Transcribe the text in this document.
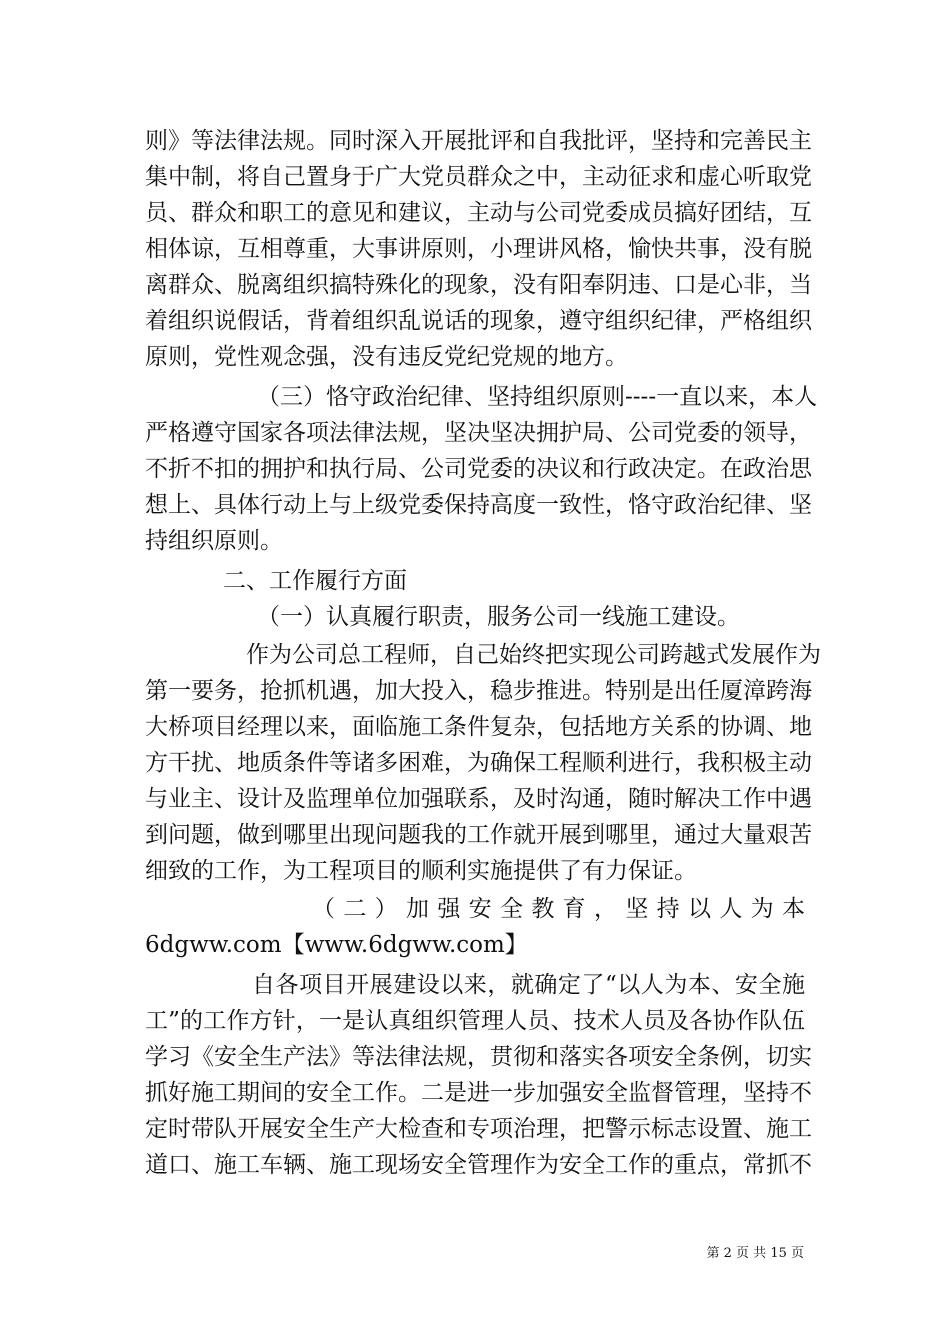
则》等法律法规。同时深入开展批评和自我批评，坚持和完善民主
集中制，将自己置身于广大党员群众之中，主动征求和虚心听取党
员、群众和职工的意见和建议，主动与公司党委成员搞好团结，互
相体谅，互相尊重，大事讲原则，小理讲风格，愉快共事，没有脱
离群众、脱离组织搞特殊化的现象，没有阳奉阴违、口是心非，当
着组织说假话，背着组织乱说话的现象，遵守组织纪律，严格组织
原则，党性观念强，没有违反党纪党规的地方。
（三）恪守政治纪律、坚持组织原则----一直以来，本人
严格遵守国家各项法律法规，坚决坚决拥护局、公司党委的领导，
不折不扣的拥护和执行局、公司党委的决议和行政决定。在政治思
想上、具体行动上与上级党委保持高度一致性，恪守政治纪律、坚
持组织原则。
二、工作履行方面
（一）认真履行职责，服务公司一线施工建设。
作为公司总工程师，自己始终把实现公司跨越式发展作为
第一要务，抢抓机遇，加大投入，稳步推进。特别是出任厦漳跨海
大桥项目经理以来，面临施工条件复杂，包括地方关系的协调、地
方干扰、地质条件等诸多困难，为确保工程顺利进行，我积极主动
与业主、设计及监理单位加强联系，及时沟通，随时解决工作中遇
到问题，做到哪里出现问题我的工作就开展到哪里，通过大量艰苦
细致的工作，为工程项目的顺利实施提供了有力保证。
（二）加强安全教育，坚持以人为本
6dgww.com【www.6dgww.com】
自各项目开展建设以来，就确定了“以人为本、安全施
工”的工作方针，一是认真组织管理人员、技术人员及各协作队伍
学习《安全生产法》等法律法规，贯彻和落实各项安全条例，切实
抓好施工期间的安全工作。二是进一步加强安全监督管理，坚持不
定时带队开展安全生产大检查和专项治理，把警示标志设置、施工
道口、施工车辆、施工现场安全管理作为安全工作的重点，常抓不
第 2 页 共 15 页
